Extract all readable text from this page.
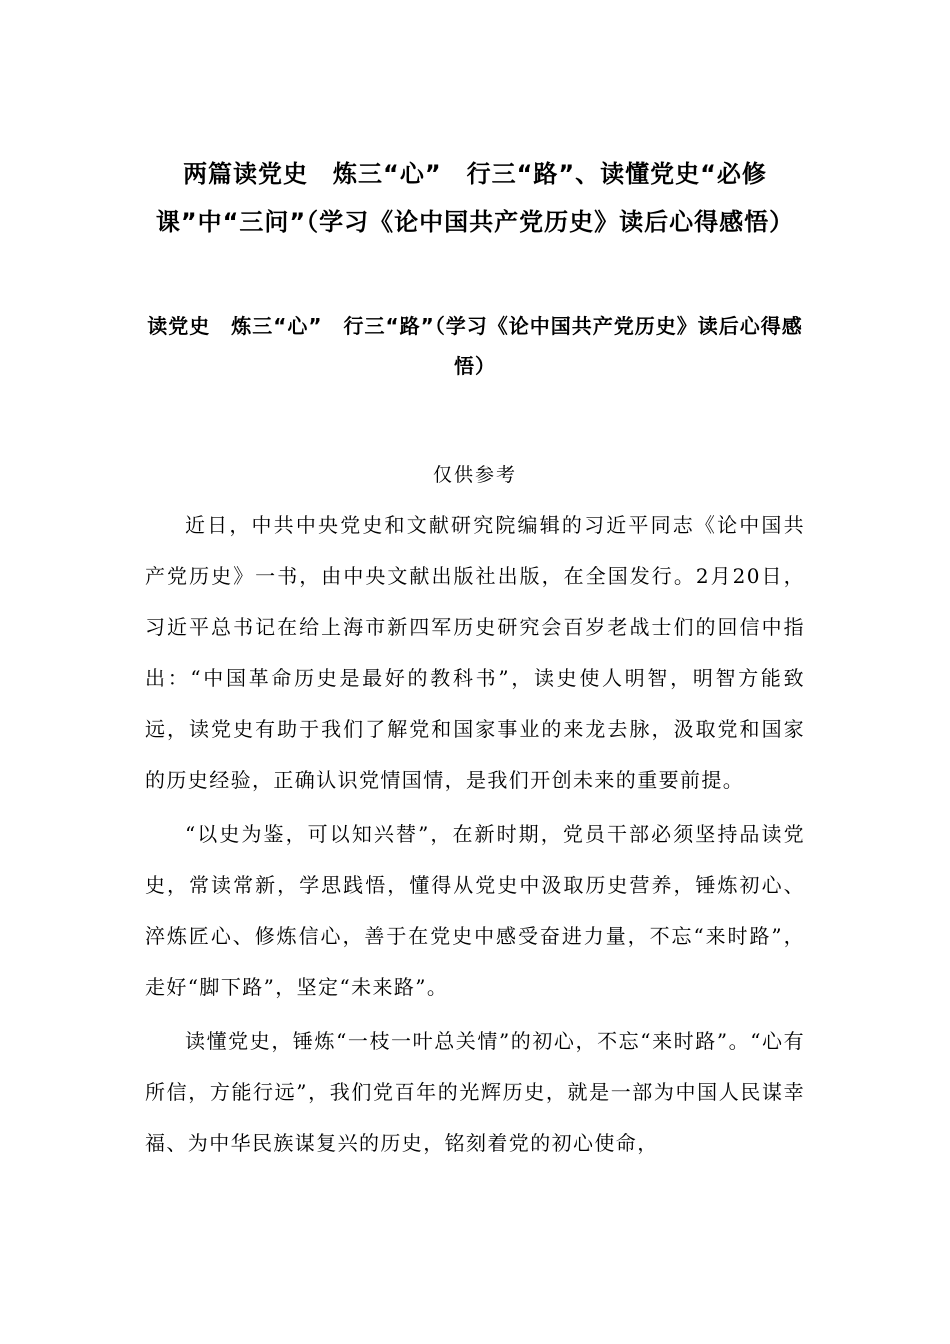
两篇读党史　炼三“心”　行三“路”、读懂党史“必修课”中“三问”（学习《论中国共产党历史》读后心得感悟）
读党史　炼三“心”　行三“路”（学习《论中国共产党历史》读后心得感悟）
仅供参考

近日，中共中央党史和文献研究院编辑的习近平同志《论中国共产党历史》一书，由中央文献出版社出版，在全国发行。2月20日，习近平总书记在给上海市新四军历史研究会百岁老战士们的回信中指出：“中国革命历史是最好的教科书”，读史使人明智，明智方能致远，读党史有助于我们了解党和国家事业的来龙去脉，汲取党和国家的历史经验，正确认识党情国情，是我们开创未来的重要前提。

“以史为鉴，可以知兴替”，在新时期，党员干部必须坚持品读党史，常读常新，学思践悟，懂得从党史中汲取历史营养，锤炼初心、淬炼匠心、修炼信心，善于在党史中感受奋进力量，不忘“来时路”，走好“脚下路”，坚定“未来路”。

读懂党史，锤炼“一枝一叶总关情”的初心，不忘“来时路”。“心有所信，方能行远”，我们党百年的光辉历史，就是一部为中国人民谋幸福、为中华民族谋复兴的历史，铭刻着党的初心使命，
